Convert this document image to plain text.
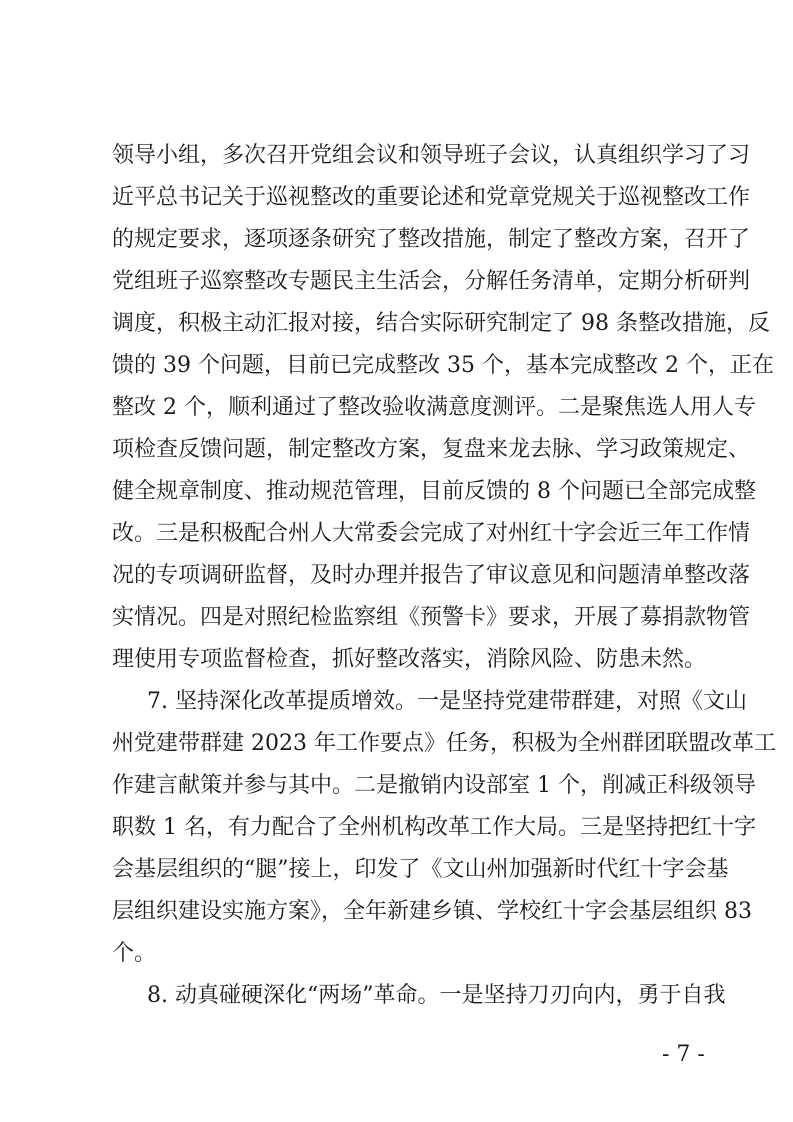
领导小组，多次召开党组会议和领导班子会议，认真组织学习了习
近平总书记关于巡视整改的重要论述和党章党规关于巡视整改工作
的规定要求，逐项逐条研究了整改措施，制定了整改方案，召开了
党组班子巡察整改专题民主生活会，分解任务清单，定期分析研判
调度，积极主动汇报对接，结合实际研究制定了 98 条整改措施，反
馈的 39 个问题，目前已完成整改 35 个，基本完成整改 2 个，正在
整改 2 个，顺利通过了整改验收满意度测评。二是聚焦选人用人专
项检查反馈问题，制定整改方案，复盘来龙去脉、学习政策规定、
健全规章制度、推动规范管理，目前反馈的 8 个问题已全部完成整
改。三是积极配合州人大常委会完成了对州红十字会近三年工作情
况的专项调研监督，及时办理并报告了审议意见和问题清单整改落
实情况。四是对照纪检监察组《预警卡》要求，开展了募捐款物管
理使用专项监督检查，抓好整改落实，消除风险、防患未然。
7. 坚持深化改革提质增效。一是坚持党建带群建，对照《文山
州党建带群建 2023 年工作要点》任务，积极为全州群团联盟改革工
作建言献策并参与其中。二是撤销内设部室 1 个，削减正科级领导
职数 1 名，有力配合了全州机构改革工作大局。三是坚持把红十字
会基层组织的“腿”接上，印发了《文山州加强新时代红十字会基
层组织建设实施方案》，全年新建乡镇、学校红十字会基层组织 83
个。
8. 动真碰硬深化“两场”革命。一是坚持刀刃向内，勇于自我
- 7 -
